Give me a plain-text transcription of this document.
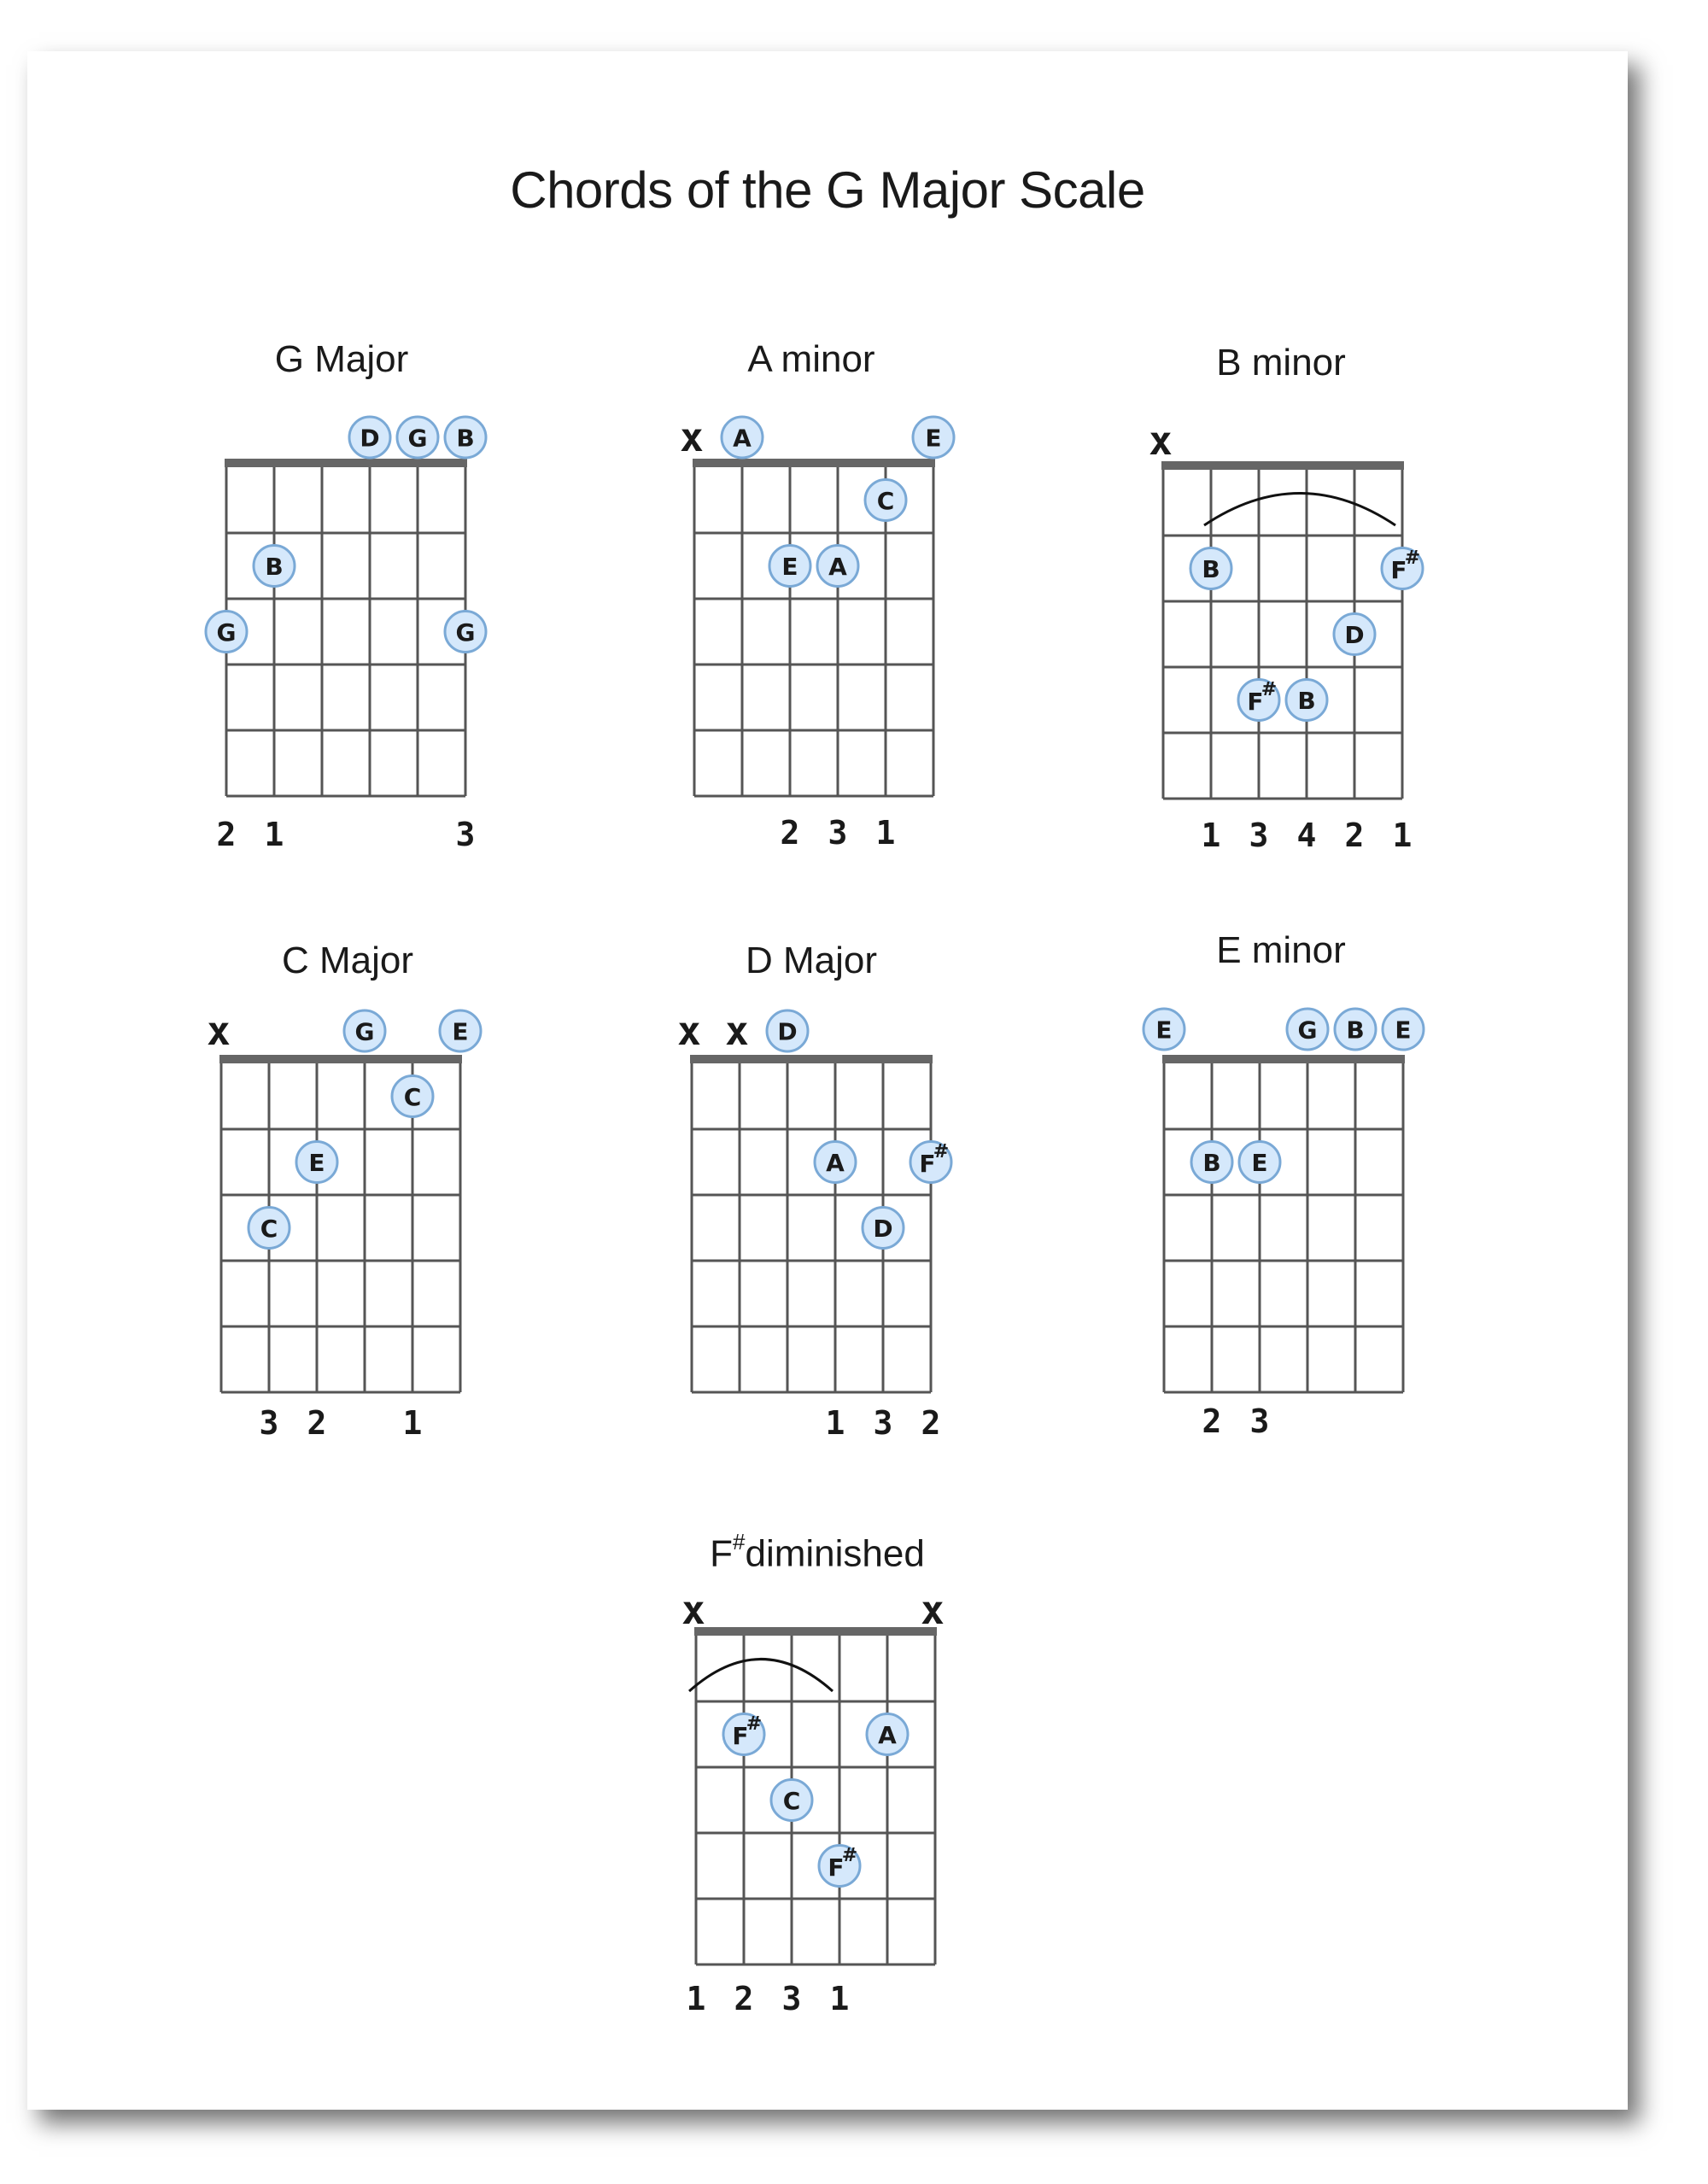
Chords of the G Major Scale
G Major	A minor	B minor
C Major	D Major	E minor
F#diminished
D G B
B
G	G
2 1	3
x A	E
C
E A
2 3 1
x
B	F
#
D
F
# B
1 3 4 2 1
x	G	E
C
E
C
3 2 1
x x D
A	F
#
D
1 3 2
E	G B E
B E
2 3
x	x
F
#	A
C
F
#
1 2 3 1
